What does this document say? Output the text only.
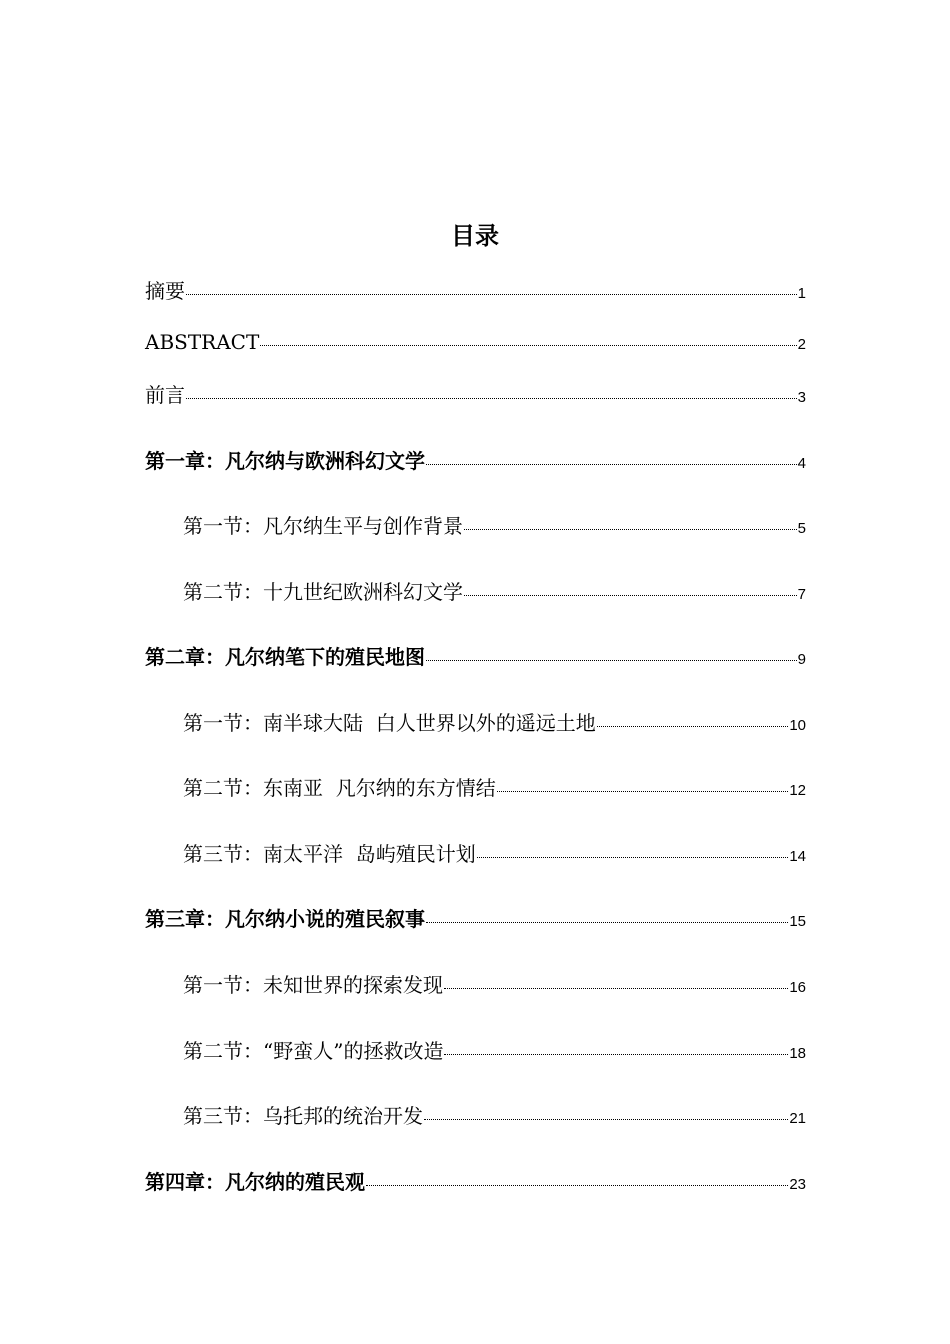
目录
摘要	1
ABSTRACT	2
前言	3
第一章：凡尔纳与欧洲科幻文学	4
第一节：凡尔纳生平与创作背景	5
第二节：十九世纪欧洲科幻文学	7
第二章：凡尔纳笔下的殖民地图	9
第一节：南半球大陆  白人世界以外的遥远土地	10
第二节：东南亚  凡尔纳的东方情结	12
第三节：南太平洋  岛屿殖民计划	14
第三章：凡尔纳小说的殖民叙事	15
第一节：未知世界的探索发现	16
第二节：“野蛮人”的拯救改造	18
第三节：乌托邦的统治开发	21
第四章：凡尔纳的殖民观	23
